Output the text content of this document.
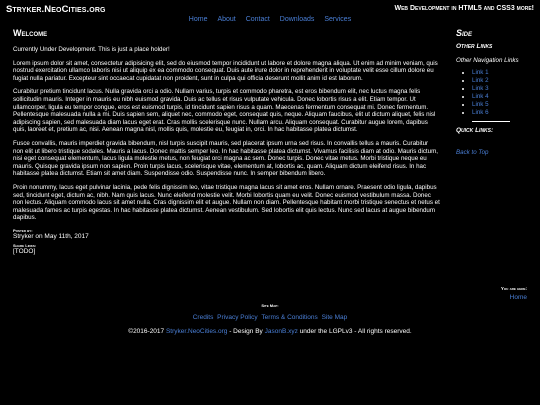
Stryker.NeoCities.org	Web Development in HTML5 and CSS3 more!
Home About Contact Downloads Services
Welcome

Currently Under Development. This is just a place holder!

Lorem ipsum dolor sit amet, consectetur adipisicing elit, sed do eiusmod tempor incididunt ut labore et dolore magna aliqua. Ut enim ad minim veniam, quis nostrud exercitation ullamco laboris nisi ut aliquip ex ea commodo consequat. Duis aute irure dolor in reprehenderit in voluptate velit esse cillum dolore eu fugiat nulla pariatur. Excepteur sint occaecat cupidatat non proident, sunt in culpa qui officia deserunt mollit anim id est laborum.

Curabitur pretium tincidunt lacus. Nulla gravida orci a odio. Nullam varius, turpis et commodo pharetra, est eros bibendum elit, nec luctus magna felis sollicitudin mauris. Integer in mauris eu nibh euismod gravida. Duis ac tellus et risus vulputate vehicula. Donec lobortis risus a elit. Etiam tempor. Ut ullamcorper, ligula eu tempor congue, eros est euismod turpis, id tincidunt sapien risus a quam. Maecenas fermentum consequat mi. Donec fermentum. Pellentesque malesuada nulla a mi. Duis sapien sem, aliquet nec, commodo eget, consequat quis, neque. Aliquam faucibus, elit ut dictum aliquet, felis nisl adipiscing sapien, sed malesuada diam lacus eget erat. Cras mollis scelerisque nunc. Nullam arcu. Aliquam consequat. Curabitur augue lorem, dapibus quis, laoreet et, pretium ac, nisi. Aenean magna nisl, mollis quis, molestie eu, feugiat in, orci. In hac habitasse platea dictumst.

Fusce convallis, mauris imperdiet gravida bibendum, nisl turpis suscipit mauris, sed placerat ipsum urna sed risus. In convallis tellus a mauris. Curabitur non elit ut libero tristique sodales. Mauris a lacus. Donec mattis semper leo. In hac habitasse platea dictumst. Vivamus facilisis diam at odio. Mauris dictum, nisi eget consequat elementum, lacus ligula molestie metus, non feugiat orci magna ac sem. Donec turpis. Donec vitae metus. Morbi tristique neque eu mauris. Quisque gravida ipsum non sapien. Proin turpis lacus, scelerisque vitae, elementum at, lobortis ac, quam. Aliquam dictum eleifend risus. In hac habitasse platea dictumst. Etiam sit amet diam. Suspendisse odio. Suspendisse nunc. In semper bibendum libero.

Proin nonummy, lacus eget pulvinar lacinia, pede felis dignissim leo, vitae tristique magna lacus sit amet eros. Nullam ornare. Praesent odio ligula, dapibus sed, tincidunt eget, dictum ac, nibh. Nam quis lacus. Nunc eleifend molestie velit. Morbi lobortis quam eu velit. Donec euismod vestibulum massa. Donec non lectus. Aliquam commodo lacus sit amet nulla. Cras dignissim elit et augue. Nullam non diam. Pellentesque habitant morbi tristique senectus et netus et malesuada fames ac turpis egestas. In hac habitasse platea dictumst. Aenean vestibulum. Sed lobortis elit quis lectus. Nunc sed lacus at augue bibendum dapibus.

Posted by:
Stryker on May 11th, 2017
Share Links:
[TODO]
Side
Other Links
Other Navigation Links
• Link 1
• Link 2
• Link 3
• Link 4
• Link 5
• Link 6
Quick Links:
Back to Top
You are here:
Home
Site Map:
Credits Privacy Policy Terms & Conditions Site Map
©2016-2017 Stryker.NeoCities.org - Design By JasonB.xyz under the LGPLv3 - All rights reserved.
